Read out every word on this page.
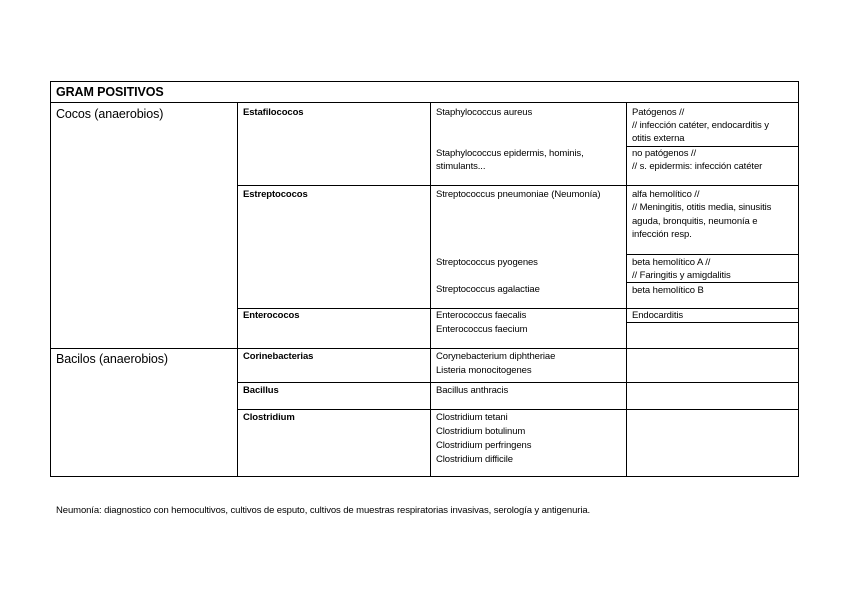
GRAM POSITIVOS
Cocos (anaerobios)
Bacilos (anaerobios)
Estafilococos
Estreptococos
Enterococos
Corinebacterias
Bacillus
Clostridium
Staphylococcus aureus
Staphylococcus epidermis, hominis,
stimulants...
Streptococcus pneumoniae (Neumonía)
Streptococcus pyogenes
Streptococcus agalactiae
Enterococcus faecalis
Enterococcus faecium
Corynebacterium diphtheriae
Listeria monocitogenes
Bacillus anthracis
Clostridium tetani
Clostridium botulinum
Clostridium perfringens
Clostridium difficile
Patógenos //
// infección catéter, endocarditis y
otitis externa
no patógenos //
// s. epidermis: infección catéter
alfa hemolítico //
// Meningitis, otitis media, sinusitis
aguda, bronquitis, neumonía e
infección resp.
beta hemolítico A //
// Faringitis y amigdalitis
beta hemolítico B
Endocarditis
Neumonía: diagnostico con hemocultivos, cultivos de esputo, cultivos de muestras respiratorias invasivas, serología y antigenuria.
